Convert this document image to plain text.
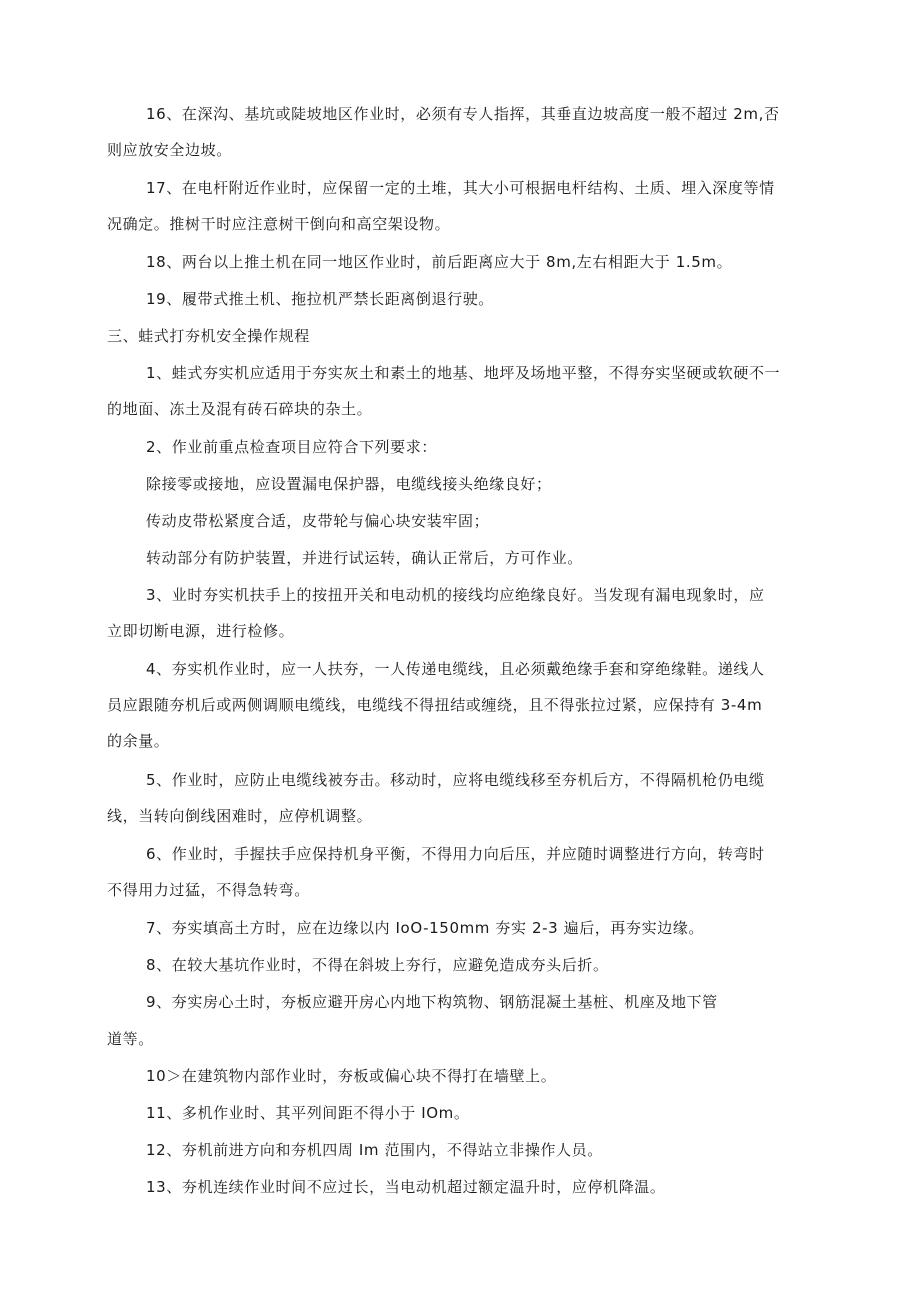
16、在深沟、基坑或陡坡地区作业时，必须有专人指挥，其垂直边坡高度一般不超过 2m,否
则应放安全边坡。
17、在电杆附近作业时，应保留一定的土堆，其大小可根据电杆结构、土质、埋入深度等情
况确定。推树干时应注意树干倒向和高空架设物。
18、两台以上推土机在同一地区作业时，前后距离应大于 8m,左右相距大于 1.5m。
19、履带式推土机、拖拉机严禁长距离倒退行驶。
三、蛙式打夯机安全操作规程
1、蛙式夯实机应适用于夯实灰土和素土的地基、地坪及场地平整，不得夯实坚硬或软硬不一
的地面、冻土及混有砖石碎块的杂土。
2、作业前重点检查项目应符合下列要求：
除接零或接地，应设置漏电保护器，电缆线接头绝缘良好；
传动皮带松紧度合适，皮带轮与偏心块安装牢固；
转动部分有防护装置，并进行试运转，确认正常后，方可作业。
3、业时夯实机扶手上的按扭开关和电动机的接线均应绝缘良好。当发现有漏电现象时，应
立即切断电源，进行检修。
4、夯实机作业时，应一人扶夯，一人传递电缆线，且必须戴绝缘手套和穿绝缘鞋。递线人
员应跟随夯机后或两侧调顺电缆线，电缆线不得扭结或缠绕，且不得张拉过紧，应保持有 3-4m
的余量。
5、作业时，应防止电缆线被夯击。移动时，应将电缆线移至夯机后方，不得隔机枪仍电缆
线，当转向倒线困难时，应停机调整。
6、作业时，手握扶手应保持机身平衡，不得用力向后压，并应随时调整进行方向，转弯时
不得用力过猛，不得急转弯。
7、夯实填高土方时，应在边缘以内 IoO-150mm 夯实 2-3 遍后，再夯实边缘。
8、在较大基坑作业时，不得在斜坡上夯行，应避免造成夯头后折。
9、夯实房心土时，夯板应避开房心内地下构筑物、钢筋混凝土基桩、机座及地下管
道等。
10＞在建筑物内部作业时，夯板或偏心块不得打在墙壁上。
11、多机作业时、其平列间距不得小于 IOm。
12、夯机前进方向和夯机四周 Im 范围内，不得站立非操作人员。
13、夯机连续作业时间不应过长，当电动机超过额定温升时，应停机降温。
